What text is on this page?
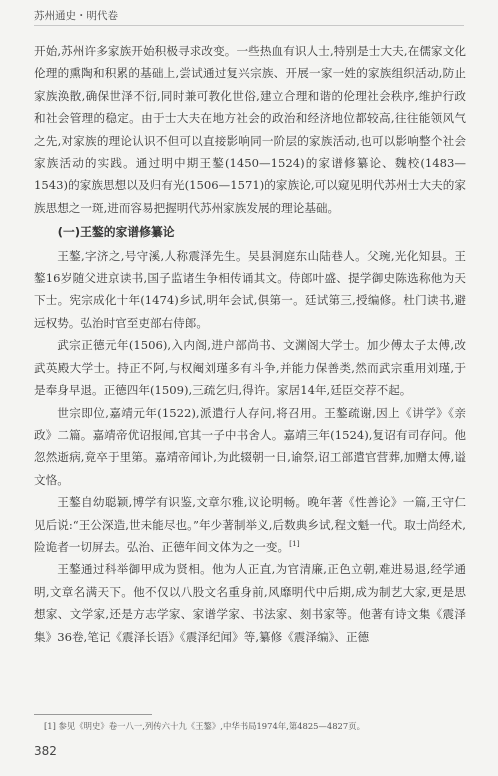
苏州通史・明代卷

开始,苏州许多家族开始积极寻求改变。一些热血有识人士,特别是士大夫,在儒家文化伦理的熏陶和积累的基础上,尝试通过复兴宗族、开展一家一姓的家族组织活动,防止家族涣散,确保世泽不衍,同时兼可教化世俗,建立合理和谐的伦理社会秩序,维护行政和社会管理的稳定。由于士大夫在地方社会的政治和经济地位都较高,往往能领风气之先,对家族的理论认识不但可以直接影响同一阶层的家族活动,也可以影响整个社会家族活动的实践。通过明中期王鏊(1450—1524)的家谱修纂论、魏校(1483—1543)的家族思想以及归有光(1506—1571)的家族论,可以窥见明代苏州士大夫的家族思想之一斑,进而容易把握明代苏州家族发展的理论基础。

(一)王鏊的家谱修纂论

王鏊,字济之,号守溪,人称震泽先生。吴县洞庭东山陆巷人。父琬,光化知县。王鏊16岁随父进京读书,国子监诸生争相传诵其文。侍郎叶盛、提学御史陈选称他为天下士。宪宗成化十年(1474)乡试,明年会试,俱第一。廷试第三,授编修。杜门读书,避远权势。弘治时官至吏部右侍郎。

武宗正德元年(1506),入内阁,进户部尚书、文渊阁大学士。加少傅太子太傅,改武英殿大学士。持正不阿,与权阉刘瑾多有斗争,并能力保善类,然而武宗重用刘瑾,于是奉身早退。正德四年(1509),三疏乞归,得许。家居14年,廷臣交荐不起。

世宗即位,嘉靖元年(1522),派遣行人存问,将召用。王鏊疏谢,因上《讲学》《亲政》二篇。嘉靖帝优诏报闻,官其一子中书舍人。嘉靖三年(1524),复诏有司存问。他忽然逝病,竟卒于里第。嘉靖帝闻讣,为此辍朝一日,谕祭,诏工部遣官营葬,加赠太傅,谥文恪。

王鏊自幼聪颖,博学有识鉴,文章尔雅,议论明畅。晚年著《性善论》一篇,王守仁见后说:“王公深造,世未能尽也。”年少著制举义,后数典乡试,程文魁一代。取士尚经术,险诡者一切屏去。弘治、正德年间文体为之一变。[1]

王鏊通过科举御甲成为贤相。他为人正直,为官清廉,正色立朝,难进易退,经学通明,文章名满天下。他不仅以八股文名重身前,风靡明代中后期,成为制艺大家,更是思想家、文学家,还是方志学家、家谱学家、书法家、刻书家等。他著有诗文集《震泽集》36卷,笔记《震泽长语》《震泽纪闻》等,纂修《震泽编》、正德

[1] 参见《明史》卷一八一,列传六十九《王鏊》,中华书局1974年,第4825—4827页。
382
